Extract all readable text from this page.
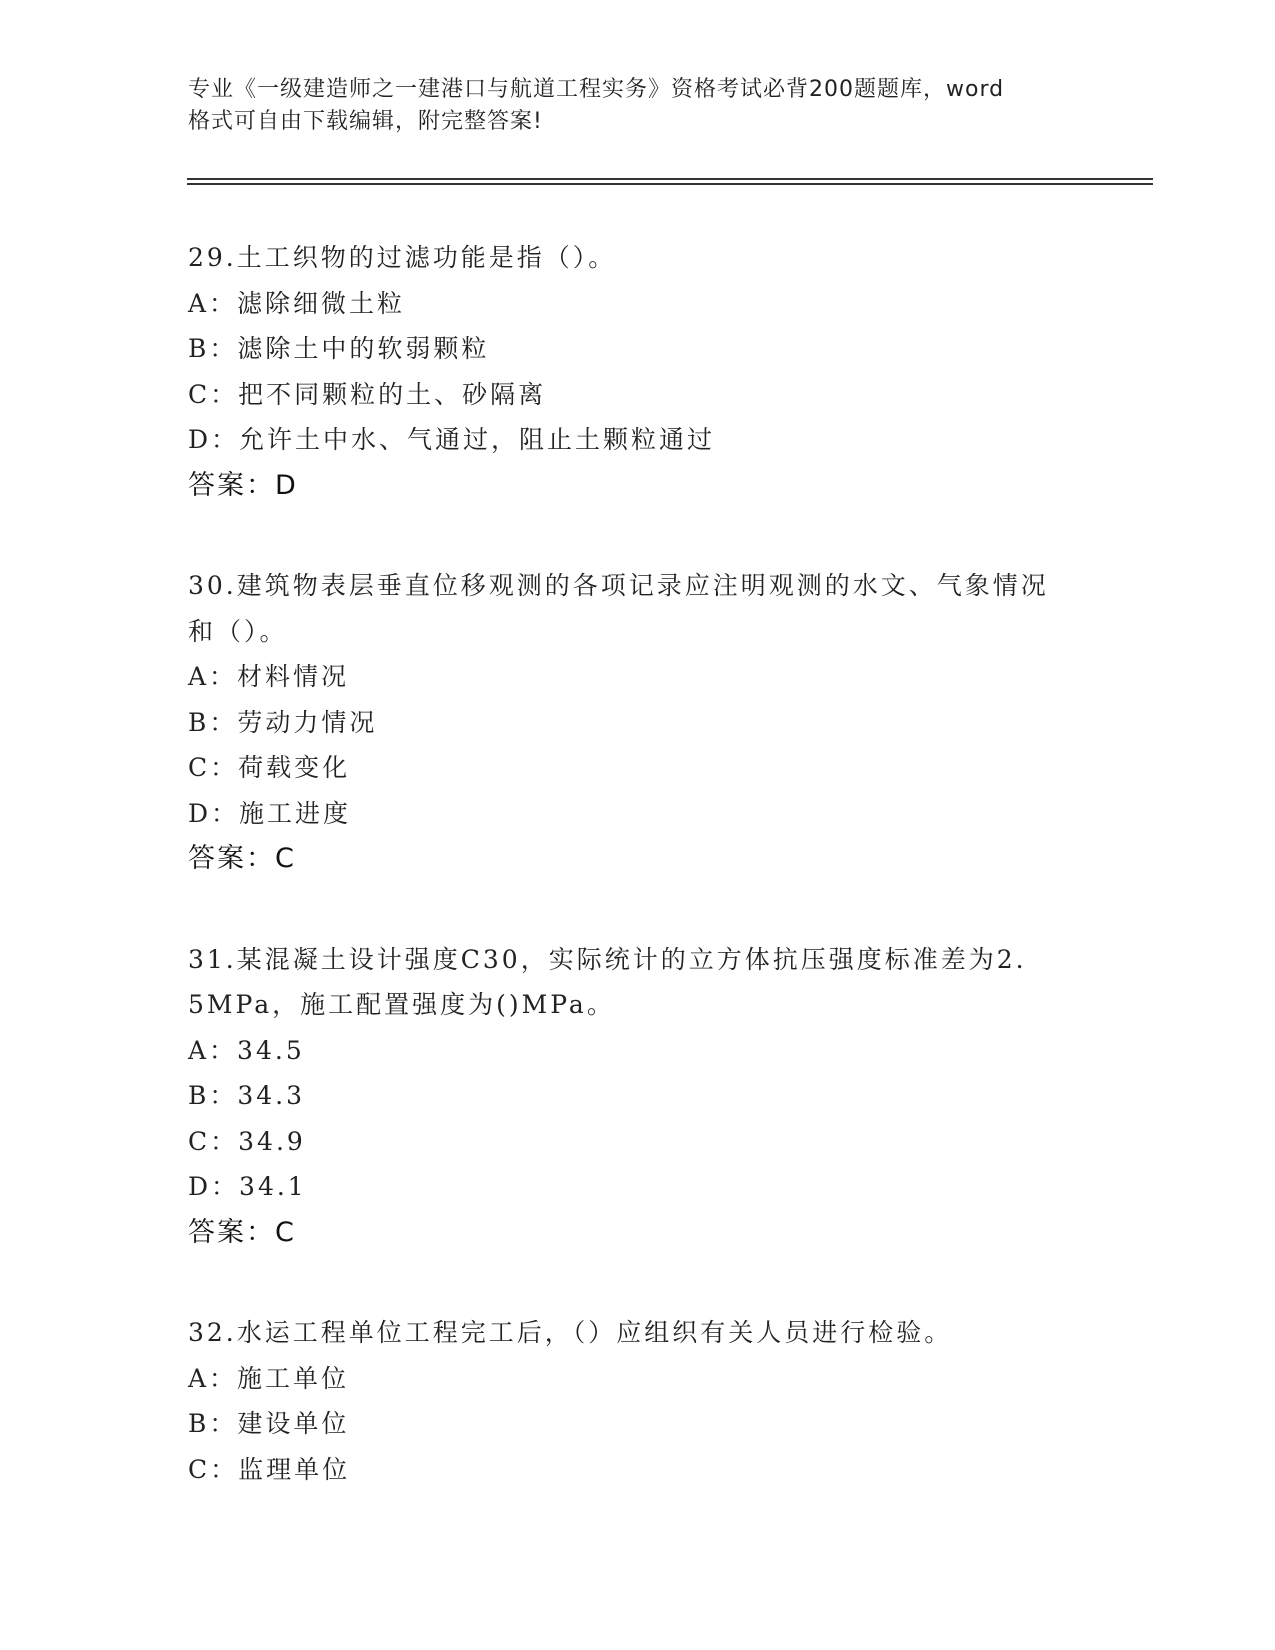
专业《一级建造师之一建港口与航道工程实务》资格考试必背200题题库，word
格式可自由下载编辑，附完整答案!
29.土工织物的过滤功能是指（）。
A：滤除细微土粒
B：滤除土中的软弱颗粒
C：把不同颗粒的土、砂隔离
D：允许土中水、气通过，阻止土颗粒通过
答案：D
30.建筑物表层垂直位移观测的各项记录应注明观测的水文、气象情况
和（）。
A：材料情况
B：劳动力情况
C：荷载变化
D：施工进度
答案：C
31.某混凝土设计强度C30，实际统计的立方体抗压强度标准差为2.
5MPa，施工配置强度为()MPa。
A：34.5
B：34.3
C：34.9
D：34.1
答案：C
32.水运工程单位工程完工后，（）应组织有关人员进行检验。
A：施工单位
B：建设单位
C：监理单位
